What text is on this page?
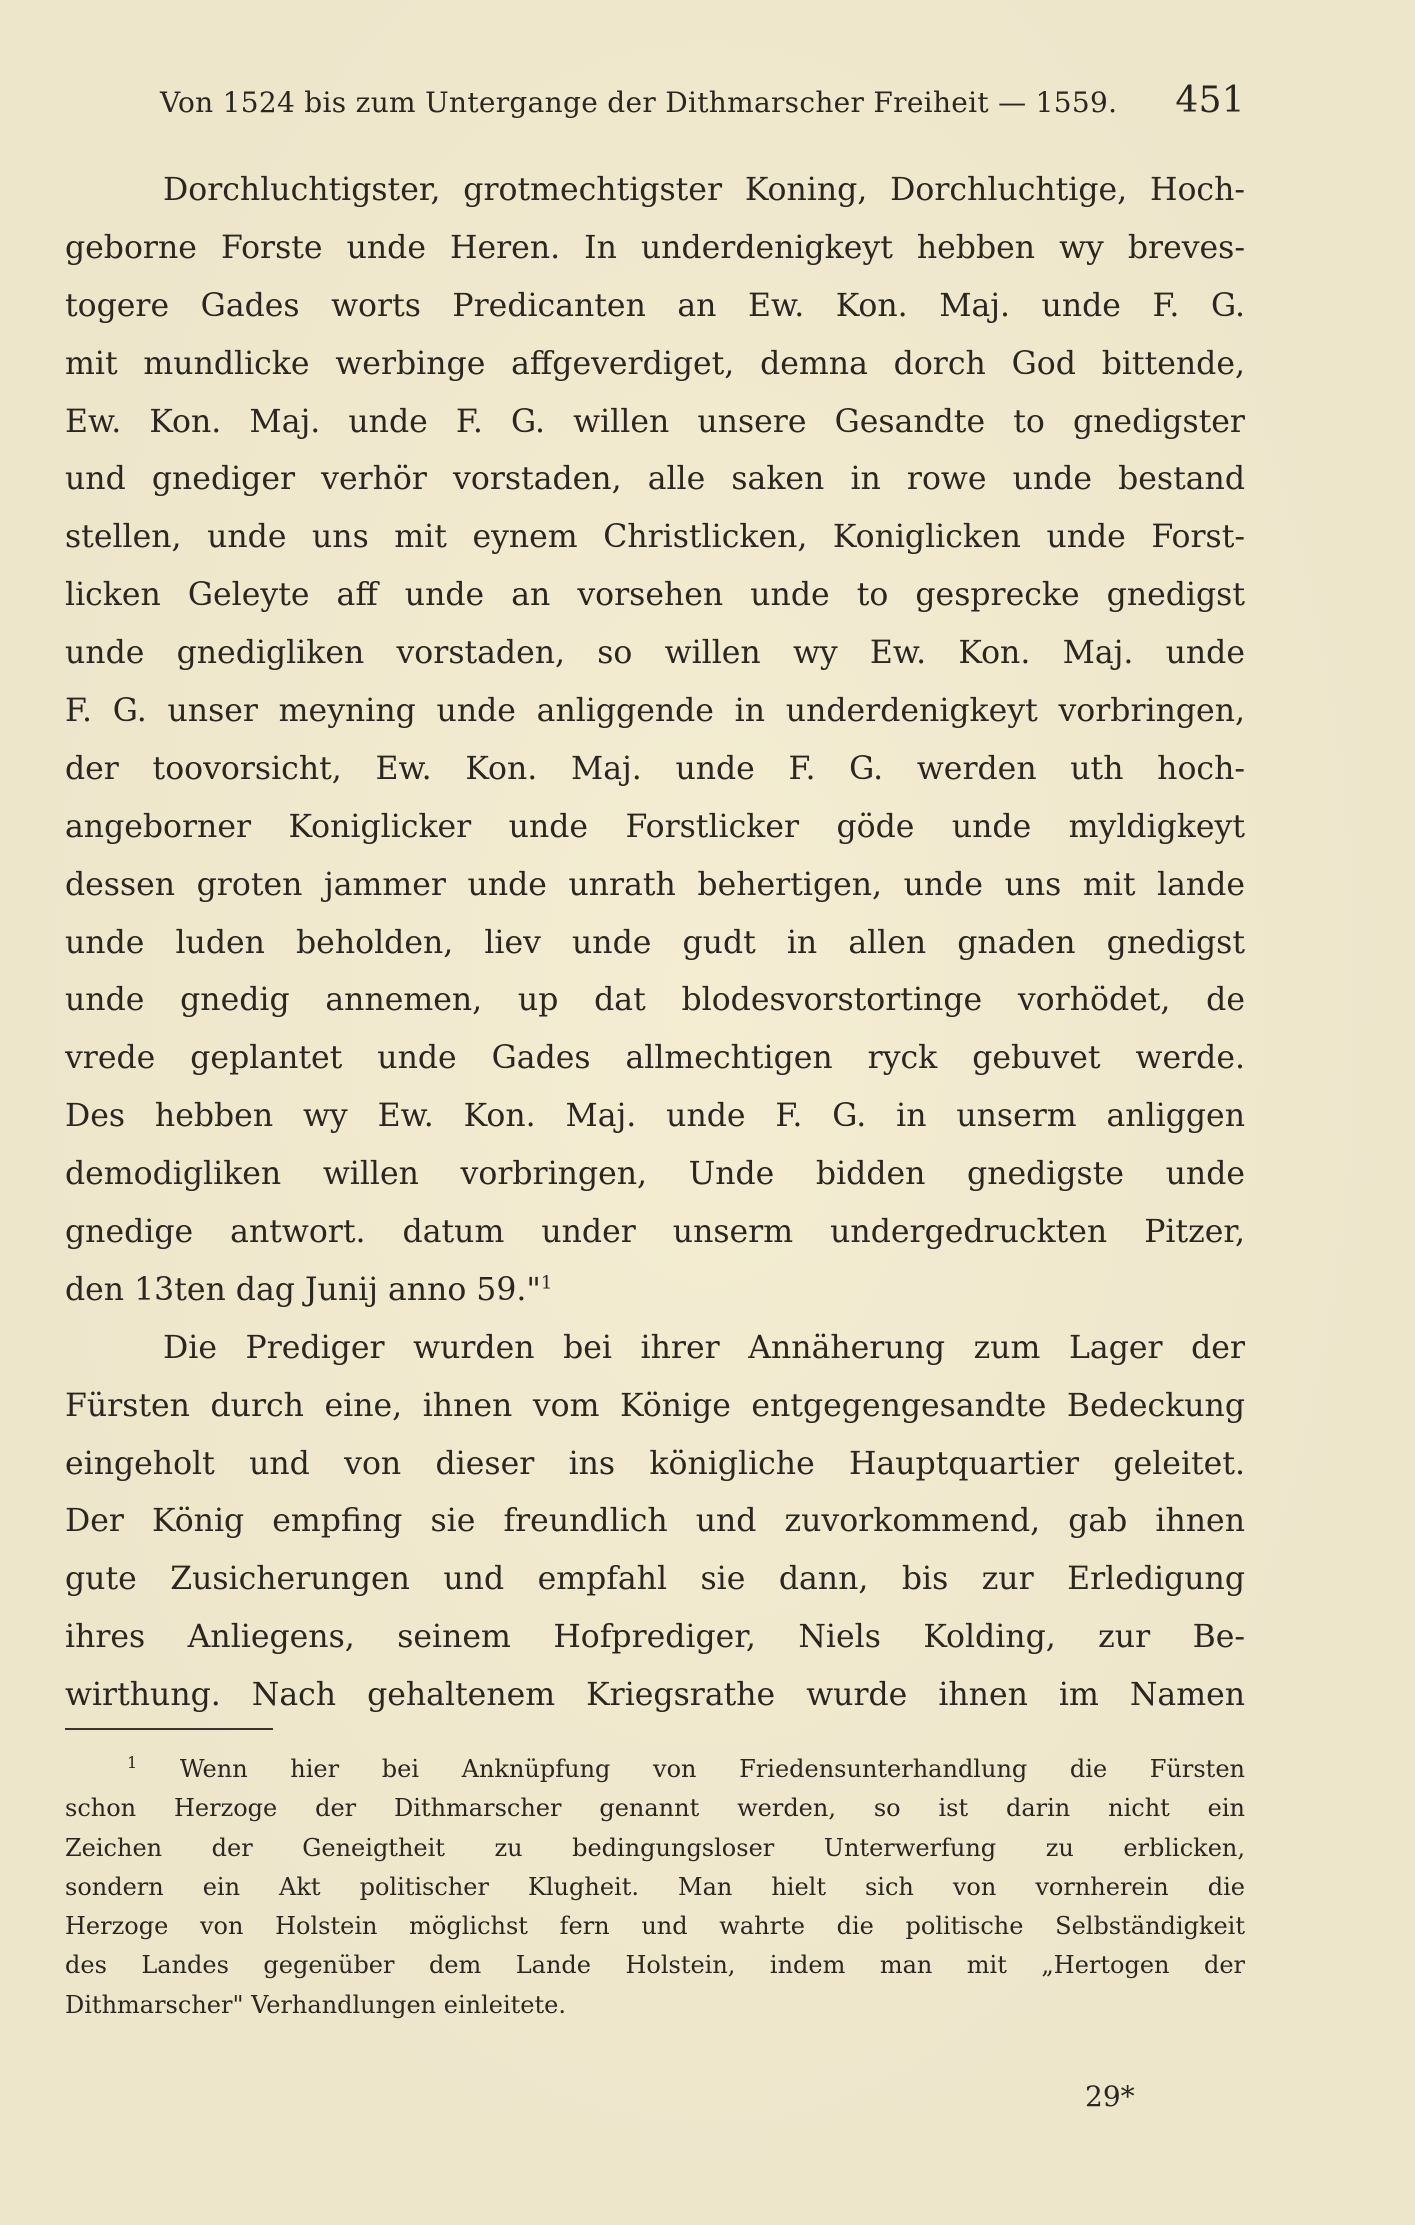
Von 1524 bis zum Untergange der Dithmarscher Freiheit — 1559. 451
Dorchluchtigster, grotmechtigster Koning, Dorchluchtige, Hoch-
geborne Forste unde Heren. In underdenigkeyt hebben wy breves-
togere Gades worts Predicanten an Ew. Kon. Maj. unde F. G.
mit mundlicke werbinge affgeverdiget, demna dorch God bittende,
Ew. Kon. Maj. unde F. G. willen unsere Gesandte to gnedigster
und gnediger verhör vorstaden, alle saken in rowe unde bestand
stellen, unde uns mit eynem Christlicken, Koniglicken unde Forst-
licken Geleyte aff unde an vorsehen unde to gesprecke gnedigst
unde gnedigliken vorstaden, so willen wy Ew. Kon. Maj. unde
F. G. unser meyning unde anliggende in underdenigkeyt vorbringen,
der toovorsicht, Ew. Kon. Maj. unde F. G. werden uth hoch-
angeborner Koniglicker unde Forstlicker göde unde myldigkeyt
dessen groten jammer unde unrath behertigen, unde uns mit lande
unde luden beholden, liev unde gudt in allen gnaden gnedigst
unde gnedig annemen, up dat blodesvorstortinge vorhödet, de
vrede geplantet unde Gades allmechtigen ryck gebuvet werde.
Des hebben wy Ew. Kon. Maj. unde F. G. in unserm anliggen
demodigliken willen vorbringen, Unde bidden gnedigste unde
gnedige antwort. datum under unserm undergedruckten Pitzer,
den 13ten dag Junij anno 59."$^1$
Die Prediger wurden bei ihrer Annäherung zum Lager der
Fürsten durch eine, ihnen vom Könige entgegengesandte Bedeckung
eingeholt und von dieser ins königliche Hauptquartier geleitet.
Der König empfing sie freundlich und zuvorkommend, gab ihnen
gute Zusicherungen und empfahl sie dann, bis zur Erledigung
ihres Anliegens, seinem Hofprediger, Niels Kolding, zur Be-
wirthung. Nach gehaltenem Kriegsrathe wurde ihnen im Namen
$^1$ Wenn hier bei Anknüpfung von Friedensunterhandlung die Fürsten
schon Herzoge der Dithmarscher genannt werden, so ist darin nicht ein
Zeichen der Geneigtheit zu bedingungsloser Unterwerfung zu erblicken,
sondern ein Akt politischer Klugheit. Man hielt sich von vornherein die
Herzoge von Holstein möglichst fern und wahrte die politische Selbständigkeit
des Landes gegenüber dem Lande Holstein, indem man mit „Hertogen der
Dithmarscher" Verhandlungen einleitete.
29*
